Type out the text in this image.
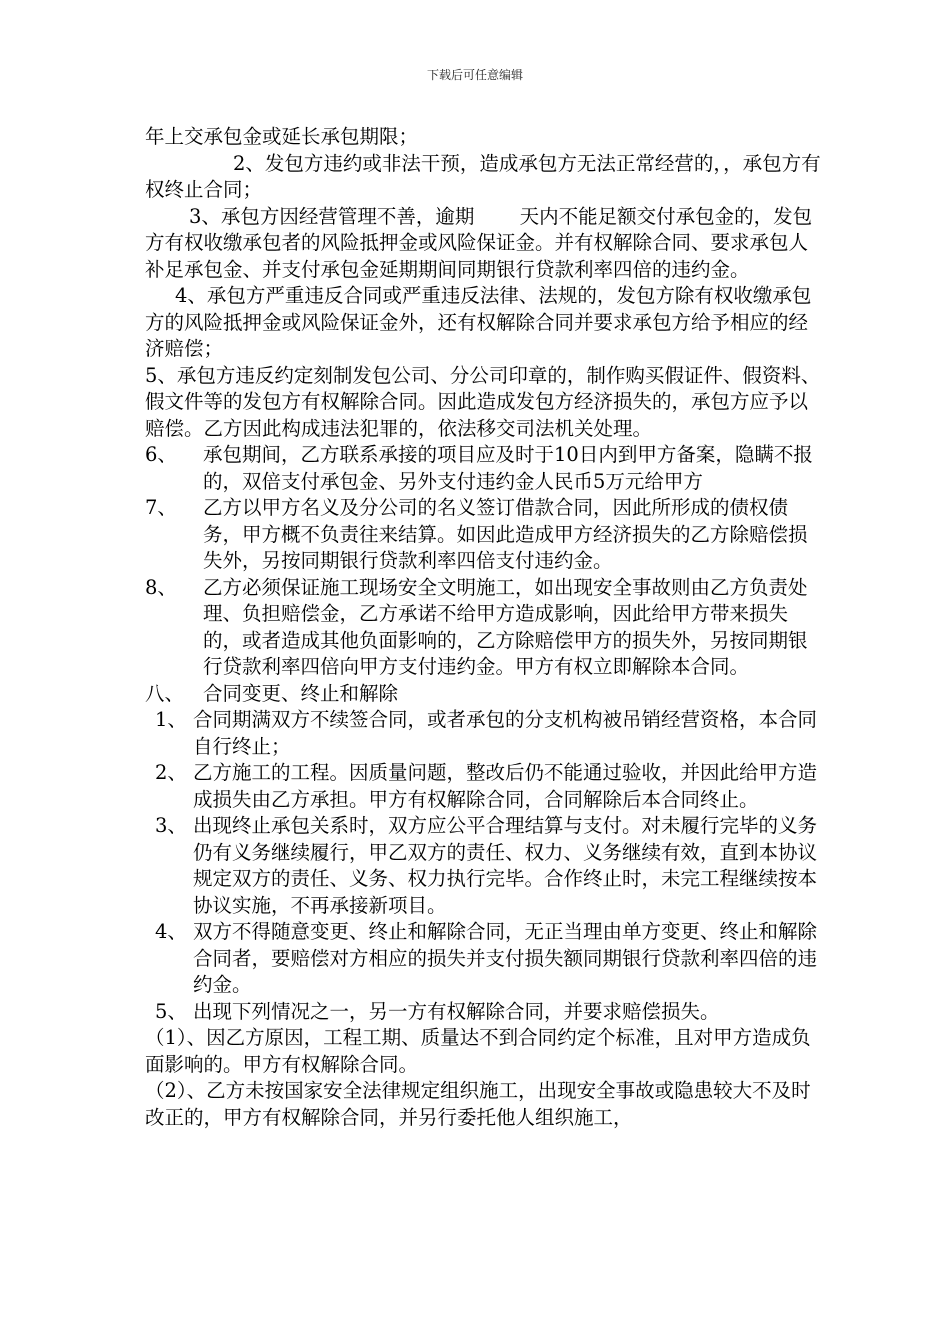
下载后可任意编辑

年上交承包金或延长承包期限；

2、发包方违约或非法干预，造成承包方无法正常经营的，，承包方有权终止合同；

3、承包方因经营管理不善，逾期 　　天内不能足额交付承包金的，发包方有权收缴承包者的风险抵押金或风险保证金。并有权解除合同、要求承包人补足承包金、并支付承包金延期期间同期银行贷款利率四倍的违约金。

4、承包方严重违反合同或严重违反法律、法规的，发包方除有权收缴承包方的风险抵押金或风险保证金外，还有权解除合同并要求承包方给予相应的经济赔偿；

5、承包方违反约定刻制发包公司、分公司印章的，制作购买假证件、假资料、假文件等的发包方有权解除合同。因此造成发包方经济损失的，承包方应予以赔偿。乙方因此构成违法犯罪的，依法移交司法机关处理。

6、	承包期间，乙方联系承接的项目应及时于10日内到甲方备案，隐瞒不报的，双倍支付承包金、另外支付违约金人民币5万元给甲方
7、	乙方以甲方名义及分公司的名义签订借款合同，因此所形成的债权债务，甲方概不负责往来结算。如因此造成甲方经济损失的乙方除赔偿损失外，另按同期银行贷款利率四倍支付违约金。
8、	乙方必须保证施工现场安全文明施工，如出现安全事故则由乙方负责处理、负担赔偿金，乙方承诺不给甲方造成影响，因此给甲方带来损失的，或者造成其他负面影响的，乙方除赔偿甲方的损失外，另按同期银行贷款利率四倍向甲方支付违约金。甲方有权立即解除本合同。
八、 合同变更、终止和解除
1、 合同期满双方不续签合同，或者承包的分支机构被吊销经营资格，本合同自行终止；
2、 乙方施工的工程。因质量问题，整改后仍不能通过验收，并因此给甲方造成损失由乙方承担。甲方有权解除合同，合同解除后本合同终止。
3、 出现终止承包关系时，双方应公平合理结算与支付。对未履行完毕的义务仍有义务继续履行，甲乙双方的责任、权力、义务继续有效，直到本协议规定双方的责任、义务、权力执行完毕。合作终止时，未完工程继续按本协议实施，不再承接新项目。
4、 双方不得随意变更、终止和解除合同，无正当理由单方变更、终止和解除合同者，要赔偿对方相应的损失并支付损失额同期银行贷款利率四倍的违约金。
5、 出现下列情况之一，另一方有权解除合同，并要求赔偿损失。

（1）、因乙方原因，工程工期、质量达不到合同约定个标准，且对甲方造成负面影响的。甲方有权解除合同。

（2）、乙方未按国家安全法律规定组织施工，出现安全事故或隐患较大不及时改正的，甲方有权解除合同，并另行委托他人组织施工，
